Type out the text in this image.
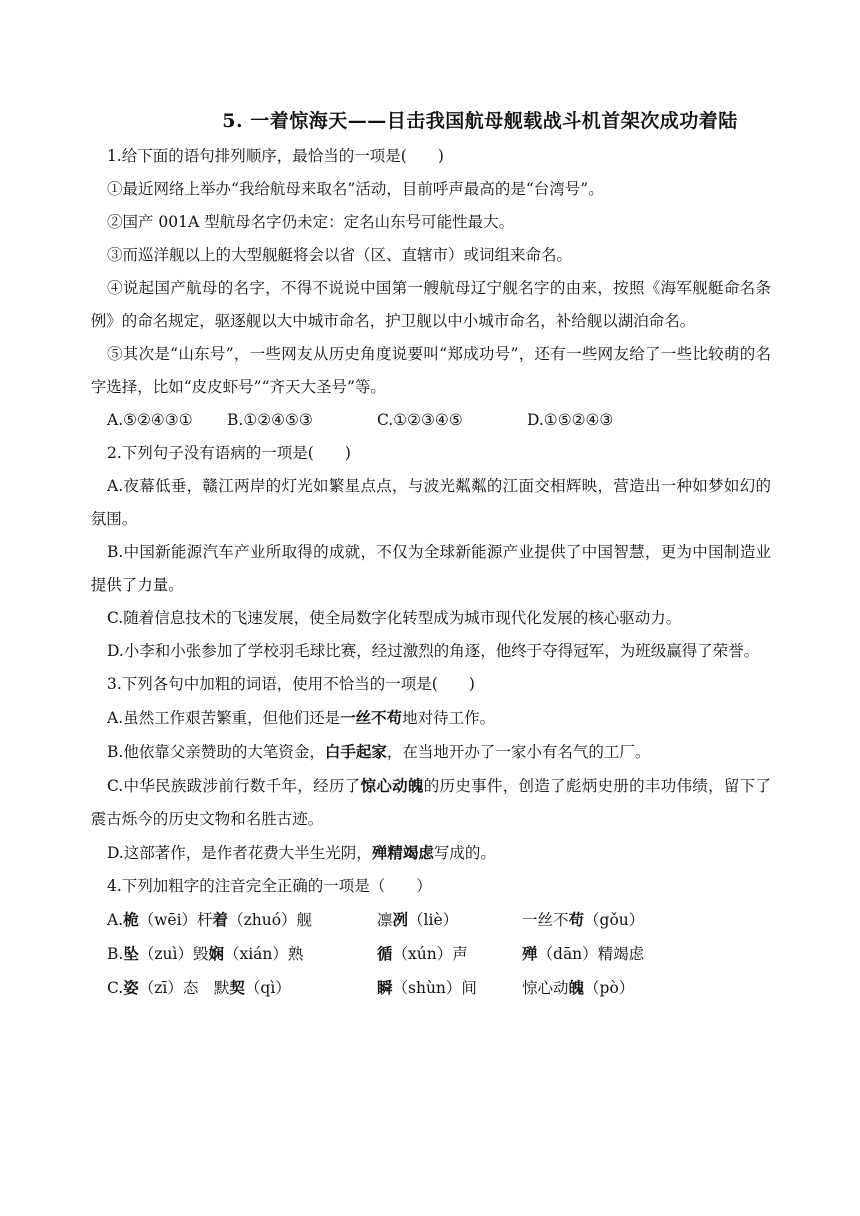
5. 一着惊海天——目击我国航母舰载战斗机首架次成功着陆

1.给下面的语句排列顺序，最恰当的一项是(　　)

①最近网络上举办“我给航母来取名”活动，目前呼声最高的是“台湾号”。

②国产 001A 型航母名字仍未定：定名山东号可能性最大。

③而巡洋舰以上的大型舰艇将会以省（区、直辖市）或词组来命名。

④说起国产航母的名字，不得不说说中国第一艘航母辽宁舰名字的由来，按照《海军舰艇命名条例》的命名规定，驱逐舰以大中城市命名，护卫舰以中小城市命名，补给舰以湖泊命名。

⑤其次是“山东号”，一些网友从历史角度说要叫“郑成功号”，还有一些网友给了一些比较萌的名字选择，比如“皮皮虾号”“齐天大圣号”等。

A.⑤②④③① B.①②④⑤③	C.①②③④⑤	D.①⑤②④③

2.下列句子没有语病的一项是(　　)

A.夜幕低垂，赣江两岸的灯光如繁星点点，与波光粼粼的江面交相辉映，营造出一种如梦如幻的氛围。

B.中国新能源汽车产业所取得的成就，不仅为全球新能源产业提供了中国智慧，更为中国制造业提供了力量。

C.随着信息技术的飞速发展，使全局数字化转型成为城市现代化发展的核心驱动力。

D.小李和小张参加了学校羽毛球比赛，经过激烈的角逐，他终于夺得冠军，为班级赢得了荣誉。

3.下列各句中加粗的词语，使用不恰当的一项是(　　)

A.虽然工作艰苦繁重，但他们还是一丝不苟地对待工作。

B.他依靠父亲赞助的大笔资金，白手起家，在当地开办了一家小有名气的工厂。

C.中华民族跋涉前行数千年，经历了惊心动魄的历史事件，创造了彪炳史册的丰功伟绩，留下了震古烁今的历史文物和名胜古迹。

D.这部著作，是作者花费大半生光阴，殚精竭虑写成的。

4.下列加粗字的注音完全正确的一项是（　　）

A.桅（wēi）杆着（zhuó）舰	凛冽（liè）	一丝不苟（gǒu）
B.坠（zuì）毁娴（xián）熟	循（xún）声	殚（dān）精竭虑
C.姿（zī）态　默契（qì）	瞬（shùn）间	惊心动魄（pò）
